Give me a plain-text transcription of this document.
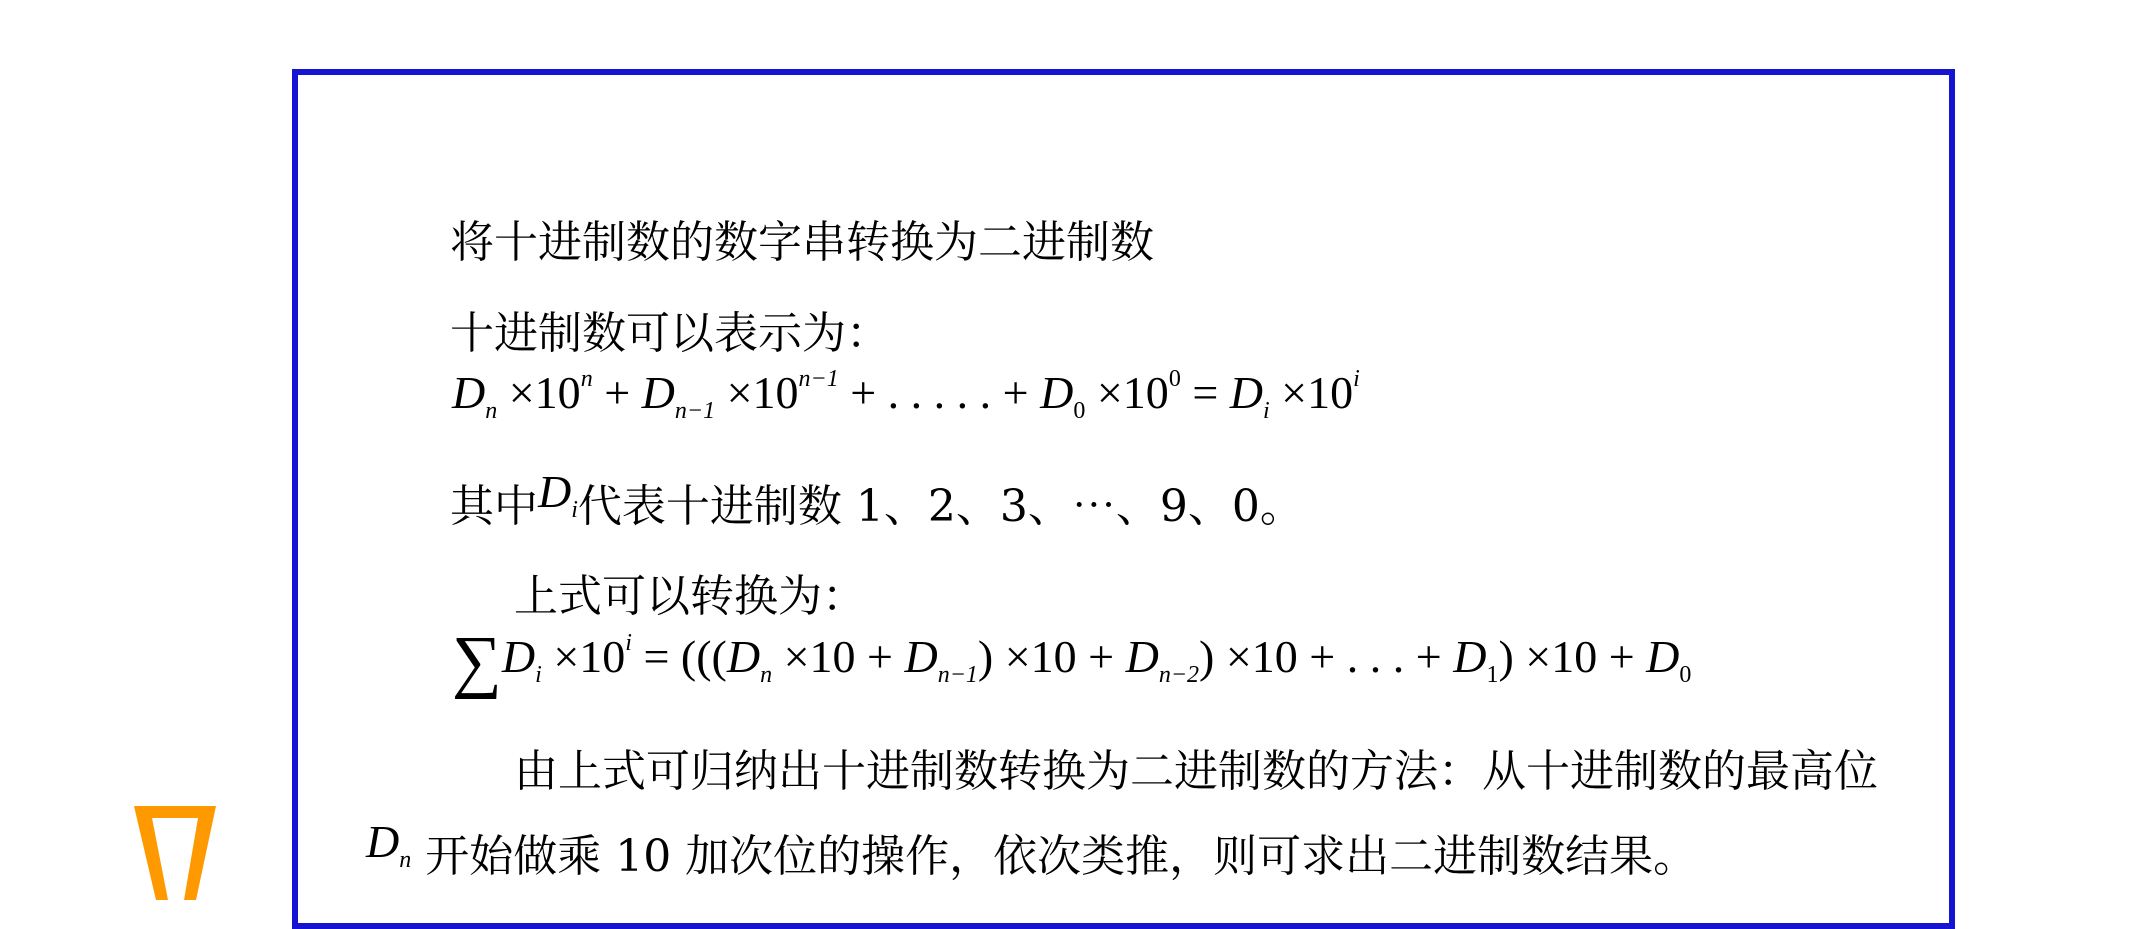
将十进制数的数字串转换为二进制数
十进制数可以表示为：
$D_n \times 10^n + D_{n-1} \times 10^{n-1}$ + . . . . . + $D_0 \times 10^0 = D_i \times 10^i$
其中$D_i$代表十进制数 1、2、3、⋯、9、0。
上式可以转换为：
$\sum D_i \times 10^i = (((D_n \times 10 + D_{n-1}) \times 10 + D_{n-2}) \times 10$ + . . . + $D_1) \times 10 + D_0$
由上式可归纳出十进制数转换为二进制数的方法：从十进制数的最高位
$D_n$ 开始做乘 10 加次位的操作，依次类推，则可求出二进制数结果。
